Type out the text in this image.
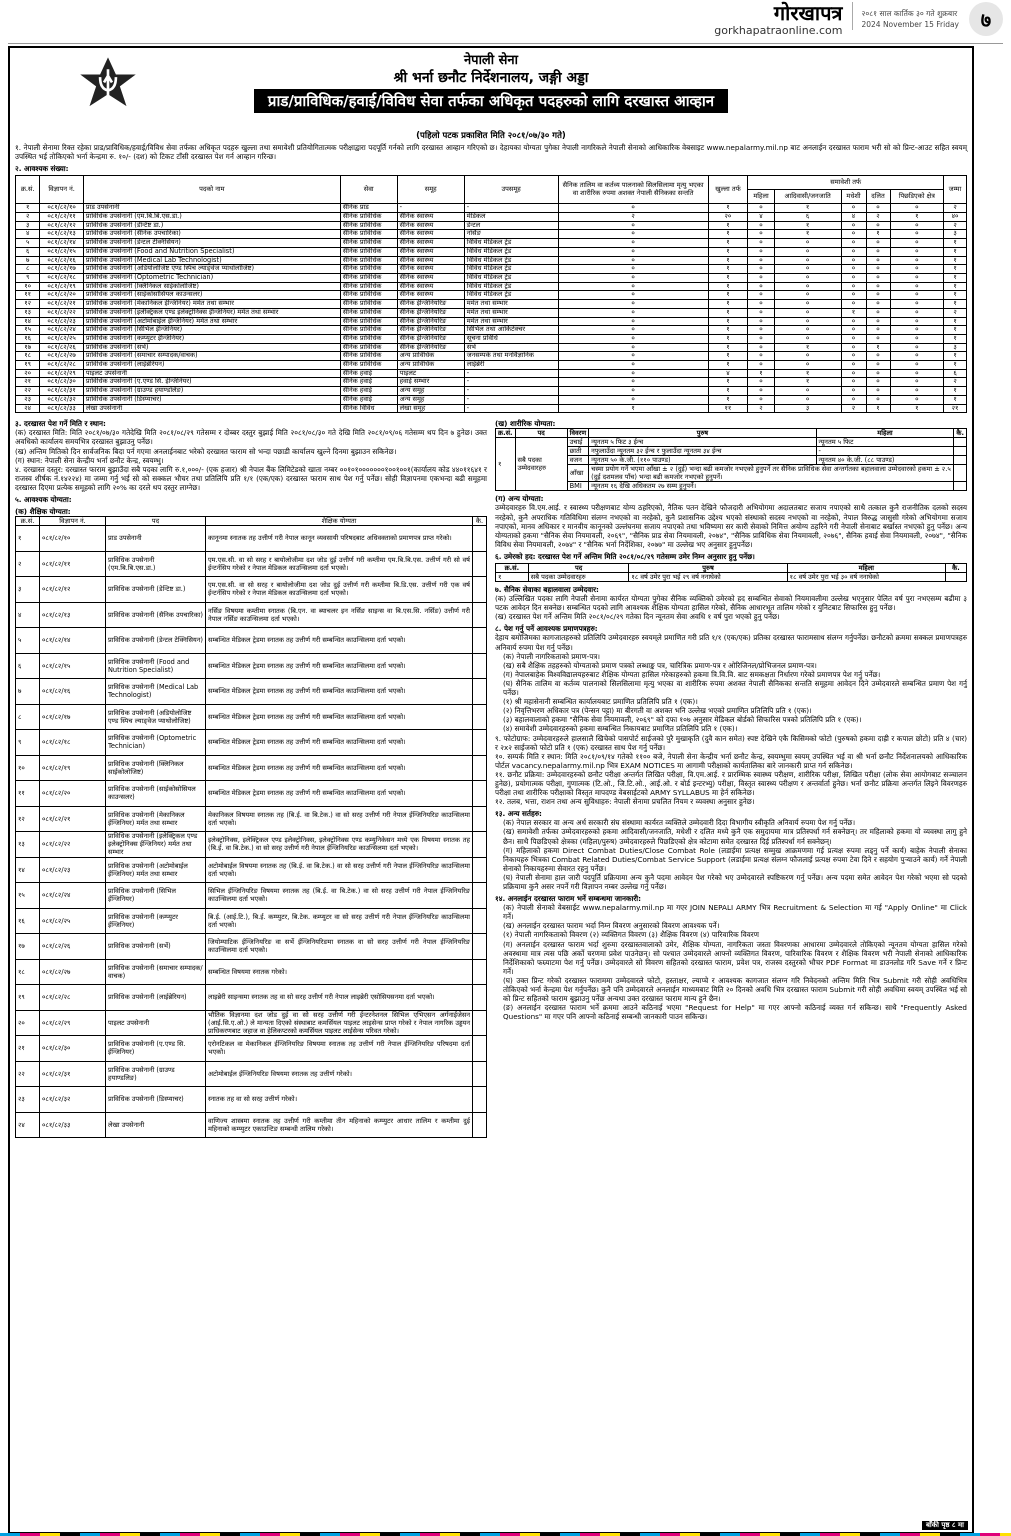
गोरखापत्र
gorkhapatraonline.com
२०८१ साल कार्तिक ३० गते शुक्रबार
2024 November 15 Friday	७
नेपाली सेना
श्री भर्ना छनौट निर्देशनालय, जङ्गी अड्डा
प्राड/प्राविधिक/हवाई/विविध सेवा तर्फका अधिकृत पदहरुको लागि दरखास्त आव्हान
(पहिलो पटक प्रकाशित मिति २०८१/०७/३० गते)

१. नेपाली सेनामा रिक्त रहेका प्राड/प्राविधिक/हवाई/विविध सेवा तर्फका अधिकृत पदहरु खुल्ला तथा समावेशी प्रतियोगितात्मक परीक्षाद्वारा पदपूर्ति गर्नको लागि दरखास्त आव्हान गरिएको छ। देहायका योग्यता पुगेका नेपाली नागरिकले नेपाली सेनाको आधिकारिक वेबसाइट www.nepalarmy.mil.np बाट अनलाईन दरखास्त फाराम भरी सो को प्रिन्ट-आउट सहित स्वयम् उपस्थित भई तोकिएको भर्ना केन्द्रमा रु. १०/- (दश) को टिकट टाँसी दरखास्त पेश गर्न आव्हान गरिन्छ।

२. आवश्यक संख्या:
क्र.सं.	विज्ञापन नं.	पदको नाम	सेवा	समूह	उपसमूह	सैनिक तालिम वा कर्तव्य पालनाको सिलसिलामा मृत्यु भएका वा शारीरिक रुपमा अशक्त नेपाली सैनिकका सन्तति	खुल्ला तर्फ	समावेशी तर्फ					जम्मा
								महिला	आदिवासी/जनजाति	मधेशी	दलित	पिछडिएको क्षेत्र	
१	०८१/८२/१०	प्राड उपसेनानी	सैनिक प्राड	-	-	०	१	०	१	०	०	०	२
२	०८१/८२/११	प्राविधिक उपसेनानी (एम.बि.बि.एस.डा.)	सैनिक प्राविधिक	सैनिक स्वास्थ्य	मेडिकल	२	२०	४	६	४	२	१	४०
३	०८१/८२/१२	प्राविधिक उपसेनानी (डेन्टिष्ट डा.)	सैनिक प्राविधिक	सैनिक स्वास्थ्य	डेन्टल	०	१	०	१	०	०	०	२
४	०८१/८२/१३	प्राविधिक उपसेनानी (सैनिक उपचारिका)	सैनिक प्राविधिक	सैनिक स्वास्थ्य	नर्सिङ	०	१	०	१	०	१	०	३
५	०८१/८२/१४	प्राविधिक उपसेनानी (डेन्टल टेक्निसियन)	सैनिक प्राविधिक	सैनिक स्वास्थ्य	विविध मेडिकल ट्रेड	०	१	०	०	०	०	०	१
६	०८१/८२/१५	प्राविधिक उपसेनानी (Food and Nutrition Specialist)	सैनिक प्राविधिक	सैनिक स्वास्थ्य	विविध मेडिकल ट्रेड	०	१	०	०	०	०	०	१
७	०८१/८२/१६	प्राविधिक उपसेनानी (Medical Lab Technologist)	सैनिक प्राविधिक	सैनिक स्वास्थ्य	विविध मेडिकल ट्रेड	०	१	०	०	०	०	०	१
८	०८१/८२/१७	प्राविधिक उपसेनानी (अडियोलोजिष्ट एण्ड स्पिच ल्याङ्वेज प्याथोलोजिष्ट)	सैनिक प्राविधिक	सैनिक स्वास्थ्य	विविध मेडिकल ट्रेड	०	१	०	०	०	०	०	१
९	०८१/८२/१८	प्राविधिक उपसेनानी (Optometric Technician)	सैनिक प्राविधिक	सैनिक स्वास्थ्य	विविध मेडिकल ट्रेड	०	१	०	०	०	०	०	१
१०	०८१/८२/१९	प्राविधिक उपसेनानी (क्लिनिकल साईकोलोजिष्ट)	सैनिक प्राविधिक	सैनिक स्वास्थ्य	विविध मेडिकल ट्रेड	०	१	०	०	०	०	०	१
११	०८१/८२/२०	प्राविधिक उपसेनानी (साईकोसोसियल काउन्सलर)	सैनिक प्राविधिक	सैनिक स्वास्थ्य	विविध मेडिकल ट्रेड	०	१	०	०	०	०	०	१
१२	०८१/८२/२१	प्राविधिक उपसेनानी (मेकानिकल ईन्जिनियर) मर्मत तथा सम्भार	सैनिक प्राविधिक	सैनिक ईन्जिनियरिङ	मर्मत तथा सम्भार	०	१	०	०	०	०	०	१
१३	०८१/८२/२२	प्राविधिक उपसेनानी (इलेक्ट्रिकल एण्ड इलेक्ट्रोनिक्स ईन्जिनियर) मर्मत तथा सम्भार	सैनिक प्राविधिक	सैनिक ईन्जिनियरिङ	मर्मत तथा सम्भार	०	१	०	०	१	०	०	२
१४	०८१/८२/२३	प्राविधिक उपसेनानी (अटोमोबाईल ईन्जिनियर) मर्मत तथा सम्भार	सैनिक प्राविधिक	सैनिक ईन्जिनियरिङ	मर्मत तथा सम्भार	०	१	०	०	०	०	०	१
१५	०८१/८२/२४	प्राविधिक उपसेनानी (सिभिल ईन्जिनियर)	सैनिक प्राविधिक	सैनिक ईन्जिनियरिङ	सिभिल तथा आर्किटेक्चर	०	१	०	०	०	०	०	१
१६	०८१/८२/२५	प्राविधिक उपसेनानी (कम्प्युटर ईन्जिनियर)	सैनिक प्राविधिक	सैनिक ईन्जिनियरिङ	सूचना प्रविधि	०	१	०	०	०	०	०	१
१७	०८१/८२/२६	प्राविधिक उपसेनानी (सर्भे)	सैनिक प्राविधिक	सैनिक ईन्जिनियरिङ	सर्भे	०	१	०	१	०	१	०	३
१८	०८१/८२/२७	प्राविधिक उपसेनानी (समाचार सम्पादक/वाचक)	सैनिक प्राविधिक	अन्य प्राविधिक	जनसम्पर्क तथा मनोवैज्ञानिक	०	१	०	०	०	०	०	१
१९	०८१/८२/२८	प्राविधिक उपसेनानी (लाईब्रेरियन)	सैनिक प्राविधिक	अन्य प्राविधिक	लाईब्रेरी	०	१	०	०	०	०	०	१
२०	०८१/८२/२९	पाइलट उपसेनानी	सैनिक हवाई	पाइलट	-	०	४	१	१	०	०	०	६
२१	०८१/८२/३०	प्राविधिक उपसेनानी (ए.एण्ड सि. ईन्जिनियर)	सैनिक हवाई	हवाई सम्भार	-	०	१	०	१	०	०	०	२
२२	०८१/८२/३१	प्राविधिक उपसेनानी (ग्राउण्ड हयाण्डलिङ)	सैनिक हवाई	अन्य समूह	-	०	१	०	०	०	०	०	१
२३	०८१/८२/३२	प्राविधिक उपसेनानी (डिस्प्याचर)	सैनिक हवाई	अन्य समूह	-	०	१	०	०	०	०	०	१
२४	०८१/८२/३३	लेखा उपसेनानी	सैनिक विविध	लेखा समूह	-	१	११	२	३	२	१	१	२१
३. दरखास्त पेश गर्ने मिति र स्थान:

(क) दरखास्त मिति: मिति २०८१/०७/३० गतेदेखि मिति २०८१/०८/२९ गतेसम्म र दोब्बर दस्तुर बुझाई मिति २०८१/०८/३० गते देखि मिति २०८१/०९/०६ गतेसम्म थप दिन ७ हुनेछ। उक्त अवधिको कार्यालय समयभित्र दरखास्त बुझाउनु पर्नेछ।

(ख) अन्तिम मितिको दिन सार्वजनिक बिदा पर्न गएमा अनलाईनबाट भरेको दरखास्त फाराम सो भन्दा पछाडी कार्यालय खुल्ने दिनमा बुझाउन सकिनेछ।

(ग) स्थान: नेपाली सेना केन्द्रीय भर्ना छनौट केन्द्र, स्वयम्भु।

४. दरखास्त दस्तुर: दरखास्त फाराम बुझाउँदा सबै पदका लागि रु.१,०००/- (एक हजार) श्री नेपाल बैंक लिमिटेडको खाता नम्बर ००१०१०००००००१००१००१(कार्यालय कोड ४४०११६४१ र राजस्व शीर्षक नं.१४२२४) मा जम्मा गर्नु भई सो को सक्कल भौचर तथा प्रतिलिपि प्रति १/१ (एक/एक) दरखास्त फाराम साथ पेश गर्नु पर्नेछ। सोही विज्ञापनमा एकभन्दा बढी समूहमा दरखास्त दिएमा प्रत्येक समूहको लागि २०% का दरले थप दस्तुर लाग्नेछ।

५. आवश्यक योग्यता:
(क) शैक्षिक योग्यता:
क्र.सं.	विज्ञापन नं.	पद	शैक्षिक योग्यता	कै.
१	०८१/८२/१०	प्राड उपसेनानी	कानूनमा स्नातक तह उत्तीर्ण गरी नेपाल कानून व्यवसायी परिषदबाट अधिवक्ताको प्रमाणपत्र प्राप्त गरेको।	
२	०८१/८२/११	प्राविधिक उपसेनानी (एम.बि.बि.एस.डा.)	एम.एस.सी. वा सो सरह र बायोलोजीमा दश जोड दुई उत्तीर्ण गरी कम्तीमा एम.बि.बि.एस. उत्तीर्ण गरी सो वर्ष ईन्टर्नसिप गरेको र नेपाल मेडिकल काउन्सिलमा दर्ता भएको।	
३	०८१/८२/१२	प्राविधिक उपसेनानी (डेन्टिष्ट डा.)	एम.एस.सी. वा सो सरह र बायोलोजीमा दश जोड दुई उत्तीर्ण गरी कम्तीमा बि.डि.एस. उत्तीर्ण गरी एक वर्ष ईन्टर्नसिप गरेको र नेपाल मेडिकल काउन्सिलमा दर्ता भएको।	
४	०८१/८२/१३	प्राविधिक उपसेनानी (सैनिक उपचारिका)	नर्सिङ विषयमा कम्तीमा स्नातक (बि.एन. वा ब्याचलर इन नर्सिङ साइन्स वा बि.एस.सि. नर्सिङ) उत्तीर्ण गरी नेपाल नर्सिङ काउन्सिलमा दर्ता भएको।	
५	०८१/८२/१४	प्राविधिक उपसेनानी (डेन्टल टेक्निसियन)	सम्बन्धित मेडिकल ट्रेडमा स्नातक तह उत्तीर्ण गरी सम्बन्धित काउन्सिलमा दर्ता भएको।	
६	०८१/८२/१५	प्राविधिक उपसेनानी (Food and Nutrition Specialist)	सम्बन्धित मेडिकल ट्रेडमा स्नातक तह उत्तीर्ण गरी सम्बन्धित काउन्सिलमा दर्ता भएको।	
७	०८१/८२/१६	प्राविधिक उपसेनानी (Medical Lab Technologist)	सम्बन्धित मेडिकल ट्रेडमा स्नातक तह उत्तीर्ण गरी सम्बन्धित काउन्सिलमा दर्ता भएको।	
८	०८१/८२/१७	प्राविधिक उपसेनानी (अडियोलोजिष्ट एण्ड स्पिच ल्याङ्वेज प्याथोलोजिष्ट)	सम्बन्धित मेडिकल ट्रेडमा स्नातक तह उत्तीर्ण गरी सम्बन्धित काउन्सिलमा दर्ता भएको।	
९	०८१/८२/१८	प्राविधिक उपसेनानी (Optometric Technician)	सम्बन्धित मेडिकल ट्रेडमा स्नातक तह उत्तीर्ण गरी सम्बन्धित काउन्सिलमा दर्ता भएको।	
१०	०८१/८२/१९	प्राविधिक उपसेनानी (क्लिनिकल साईकोलोजिष्ट)	सम्बन्धित मेडिकल ट्रेडमा स्नातक तह उत्तीर्ण गरी सम्बन्धित काउन्सिलमा दर्ता भएको।	
११	०८१/८२/२०	प्राविधिक उपसेनानी (साईकोसोसियल काउन्सलर)	सम्बन्धित मेडिकल ट्रेडमा स्नातक तह उत्तीर्ण गरी सम्बन्धित काउन्सिलमा दर्ता भएको।	
१२	०८१/८२/२१	प्राविधिक उपसेनानी (मेकानिकल ईन्जिनियर) मर्मत तथा सम्भार	मेकानिकल विषयमा स्नातक तह (बि.ई. वा बि.टेक.) वा सो सरह उत्तीर्ण गरी नेपाल ईन्जिनियरिङ काउन्सिलमा दर्ता भएको।	
१३	०८१/८२/२२	प्राविधिक उपसेनानी (इलेक्ट्रिकल एण्ड इलेक्ट्रोनिक्स ईन्जिनियर) मर्मत तथा सम्भार	इलेक्ट्रोनिक्स, इलेक्ट्रिकल एण्ड इलेक्ट्रोनिक्स, इलेक्ट्रोनिक्स एण्ड कम्युनिकेसन मध्ये एक विषयमा स्नातक तह (बि.ई. वा बि.टेक.) वा सो सरह उत्तीर्ण गरी नेपाल ईन्जिनियरिङ काउन्सिलमा दर्ता भएको।	
१४	०८१/८२/२३	प्राविधिक उपसेनानी (अटोमोबाईल ईन्जिनियर) मर्मत तथा सम्भार	अटोमोबाईल विषयमा स्नातक तह (बि.ई. वा बि.टेक.) वा सो सरह उत्तीर्ण गरी नेपाल ईन्जिनियरिङ काउन्सिलमा दर्ता भएको।	
१५	०८१/८२/२४	प्राविधिक उपसेनानी (सिभिल ईन्जिनियर)	सिभिल ईन्जिनियरिङ विषयमा स्नातक तह (बि.ई. वा बि.टेक.) वा सो सरह उत्तीर्ण गरी नेपाल ईन्जिनियरिङ काउन्सिलमा दर्ता भएको।	
१६	०८१/८२/२५	प्राविधिक उपसेनानी (कम्प्युटर ईन्जिनियर)	बि.ई. (आई.टि.), बि.ई. कम्प्युटर, बि.टेक. कम्प्युटर वा सो सरह उत्तीर्ण गरी नेपाल ईन्जिनियरिङ काउन्सिलमा दर्ता भएको।	
१७	०८१/८२/२६	प्राविधिक उपसेनानी (सर्भे)	जियोम्याटिक ईन्जिनियरिङ वा सर्भे ईन्जिनियरिङमा स्नातक वा सो सरह उत्तीर्ण गरी नेपाल ईन्जिनियरिङ काउन्सिलमा दर्ता भएको।	
१८	०८१/८२/२७	प्राविधिक उपसेनानी (समाचार सम्पादक/वाचक)	सम्बन्धित विषयमा स्नातक गरेको।	
१९	०८१/८२/२८	प्राविधिक उपसेनानी (लाईब्रेरियन)	लाइब्रेरी साइन्समा स्नातक तह वा सो सरह उत्तीर्ण गरी नेपाल लाइब्रेरी एसोसियसनमा दर्ता भएको।	
२०	०८१/८२/२९	पाइलट उपसेनानी	भौतिक विज्ञानमा दश जोड दुई वा सो सरह उत्तीर्ण गरी ईन्टरनेशनल सिभिल एभिएसन अर्गनाईजेसन (आई.सि.ए.ओ.) ले मान्यता दिएको संस्थाबाट कमर्सियल पाइलट लाइसेन्स प्राप्त गरेको र नेपाल नागरिक उड्डयन प्राधिकरणबाट जहाज वा हेलिकप्टरको कमर्सियल पाइलट लाईसेन्स परिवत गरेको।	
२१	०८१/८२/३०	प्राविधिक उपसेनानी (ए.एण्ड सि. ईन्जिनियर)	एरोनटिकल वा मेकानिकल ईन्जिनियरिङ विषयमा स्नातक तह उत्तीर्ण गरी नेपाल ईन्जिनियरिङ परिषदमा दर्ता भएको।	
२२	०८१/८२/३१	प्राविधिक उपसेनानी (ग्राउण्ड हयाण्डलिङ)	अटोमोबाईल ईन्जिनियरिङ विषयमा स्नातक तह उत्तीर्ण गरेको।	
२३	०८१/८२/३२	प्राविधिक उपसेनानी (डिस्प्याचर)	स्नातक तह वा सो सरह उत्तीर्ण गरेको।	
२४	०८१/८२/३३	लेखा उपसेनानी	वाणिज्य शास्त्रमा स्नातक तह उत्तीर्ण गरी कम्तीमा तीन महिनाको कम्प्युटर आधार तालिम र कम्तीमा दुई महिनाको कम्प्युटर एकाउन्टिङ सम्बन्धी तालिम गरेको।	
(ख) शारीरिक योग्यता:
क्र.सं.	पद	विवरण	पुरुष	महिला	कै.
१	सबै पदका उम्मेदवारहरु	उचाई	न्यूनतम ५ फिट ३ ईन्च	न्यूनतम ५ फिट	
		छाती	नफुलाउँदा न्यूनतम ३२ ईन्च र फुलाउँदा न्यूनतम ३४ ईन्च	-	
		वजन	न्यूनतम ५० के.जी. (११० पाउण्ड)	न्यूनतम ४० के.जी. (८८ पाउण्ड)	
		आँखा	चस्मा प्रयोग गर्ने भएमा आँखा ± २ (दुई) भन्दा बढी कमजोर नभएको हुनुपर्ने तर सैनिक प्राविधिक सेवा अन्तर्गतका बहालवाला उम्मेदवारको हकमा ± २.५ (दुई दशमलव पाँच) भन्दा बढी कमजोर नभएको हुनुपर्ने।		
		BMI	न्यूनतम १६ देखि अधिकतम २७ सम्म हुनुपर्ने।		
(ग) अन्य योग्यता:

उम्मेदवारहरु वि.एम.आई. र स्वास्थ्य परीक्षणबाट योग्य ठहरिएको, नैतिक पतन देखिने फौजदारी अभियोगमा अदालतबाट सजाय नपाएको साथै तत्काल कुनै राजनीतिक दलको सदस्य नरहेको, कुनै अपराधिक गतिविधिमा संलग्न नभएको वा नरहेको, कुनै प्रशासनिक उद्देश्य भएको संस्थाको सदस्य नभएको वा नरहेको, नेपाल विरुद्ध जासुसी गरेको अभियोगमा सजाय नपाएको, मानव अधिकार र मानवीय कानूनको उल्लंघनमा सजाय नपाएको तथा भविष्यमा सर कारी सेवाको निमित्त अयोग्य ठहरिने गरी नेपाली सेनाबाट बर्खास्त नभएको हुनु पर्नेछ। अन्य योग्यताको हकमा "सैनिक सेवा नियमावली, २०६९", "सैनिक प्राड सेवा नियमावली, २०७४", "सैनिक प्राविधिक सेवा नियमावली, २०७६", सैनिक हवाई सेवा नियमावली, २०७४", "सैनिक विविध सेवा नियमावली, २०७४" र "सैनिक भर्ना निर्देशिका, २०७७" मा उल्लेख भए अनुसार हुनुपर्नेछ।

६. उमेरको हद: दरखास्त पेश गर्ने अन्तिम मिति २०८१/०८/२९ गतेसम्म उमेर निम्न अनुसार हुनु पर्नेछ।
क्र.सं.	पद	पुरुष	महिला	कै.
१	सबै पदका उम्मेदवारहरु	१८ वर्ष उमेर पुरा भई २९ वर्ष ननाघेको	१८ वर्ष उमेर पुरा भई ३० वर्ष ननाघेको	
७. सैनिक सेवाका बहालवाला उम्मेदवार:

(क) उल्लिखित पदका लागि नेपाली सेनामा कार्यरत योग्यता पुगेका सैनिक व्यक्तिको उमेरको हद सम्बन्धित सेवाको नियमावलीमा उल्लेख भएनुसार पेलित वर्ष पुरा नभएसम्म बढीमा ३ पटक आवेदन दिन सक्नेछ। सम्बन्धित पदको लागि आवश्यक शैक्षिक योग्यता हासिल गरेको, सैनिक आधारभूत तालिम गरेको र युनिटबाट सिफारिस हुनु पर्नेछ।

(ख) दरखास्त पेश गर्ने अन्तिम मिति २०८१/०८/२९ गतेका दिन न्यूनतम सेवा अवधि १ वर्ष पुरा भएको हुनु पर्नेछ।

८. पेश गर्नु पर्ने आवश्यक प्रमाणपत्रहरु:

देहाय बमोजिमका कागजातहरुको प्रतिलिपि उम्मेदवारहरु स्वयम्‌ले प्रमाणित गरी प्रति १/१ (एक/एक) प्रतिका दरखास्त फारामसाथ संलग्न गर्नुपर्नेछ। छनौटको क्रममा सक्कल प्रमाणपत्रहरु अनिवार्य रुपमा पेश गर्नु पर्नेछ।

(क) नेपाली नागरिकताको प्रमाण-पत्र।

(ख) सबै शैक्षिक तहहरुको योग्यताको प्रमाण पत्रको लब्धाङ्क पत्र, चारित्रिक प्रमाण-पत्र र ओरिजिनल/प्रोभिजनल प्रमाण-पत्र।

(ग) नेपालबाहेक विश्वविद्यालयहरुबाट शैक्षिक योग्यता हासिल गरेकाहरुको हकमा त्रि.वि.वि. बाट समकक्षता निर्धारण गरेको प्रमाणपत्र पेश गर्नु पर्नेछ।

(घ) सैनिक तालिम वा कर्तव्य पालनाको सिलसिलामा मृत्यु भएका वा शारीरिक रुपमा अशक्त नेपाली सैनिकका सन्तति समूहमा आवेदन दिने उम्मेदवारले सम्बन्धित प्रमाण पेश गर्नु पर्नेछ।

(१) श्री महासेनानी सम्बन्धित कार्यालयबाट प्रमाणित प्रतिलिपि प्रति १ (एक)।

(२) निवृत्तिभरण अधिकार पत्र (पेन्सन पट्टा) मा बीरगती वा अशक्त भनि उल्लेख भएको प्रमाणित प्रतिलिपि प्रति १ (एक)।

(३) बहालवालाको हकमा "सैनिक सेवा नियमावली, २०६९" को दफा १०७ अनुसार मेडिकल बोर्डको सिफारिस पत्रको प्रतिलिपि प्रति १ (एक)।

(४) समावेशी उम्मेदवारहरुको हकमा सम्बन्धित निकायबाट प्रमाणित प्रतिलिपि प्रति १ (एक)।

९. फोटोग्राफ: उम्मेदवारहरुले हालसालै खिचेको पासपोर्ट साईजको पुरै मुखाकृति (दुवै कान समेत) स्पष्ट देखिने एकै किसिमको फोटो (पुरुषको हकमा दाह्री र कपाल छोटो) प्रति ४ (चार) र २x२ साईजको फोटो प्रति १ (एक) दरखास्त साथ पेश गर्नु पर्नेछ।

१०. सम्पर्क मिति र स्थान: मिति २०८१/०९/१४ गतेको ११०० बजे, नेपाली सेना केन्द्रीय भर्ना छनौट केन्द्र, स्वयम्भुमा स्वयम् उपस्थित भई वा श्री भर्ना छनौट निर्देशनालयको आधिकारिक पोर्टल vacancy.nepalarmy.mil.np भित्र EXAM NOTICES मा आगामी परीक्षाको कार्यतालिका बारे जानकारी प्राप्त गर्न सकिनेछ।

११. छनौट प्रक्रिया: उम्मेदवारहरुको छनौट परीक्षा अन्तर्गत लिखित परीक्षा, वि.एम.आई. र प्रारम्भिक स्वास्थ्य परीक्षण, शारीरिक परीक्षा, लिखित परीक्षा (लोक सेवा आयोगबाट सञ्चालन हुनेछ), प्रयोगात्मक परीक्षा, गुणात्मक (टि.ओ., जि.टि.ओ., आई.ओ. र बोर्ड इन्टरभ्यु) परीक्षा, विस्तृत स्वास्थ्य परीक्षण र अन्तर्वार्ता हुनेछ। भर्ना छनौट प्रक्रिया अन्तर्गत लिइने विवरणहरु परीक्षा तथा शारीरिक परीक्षाको विस्तृत मापदण्ड वेबसाईटको ARMY SYLLABUS मा हेर्न सकिनेछ।

१२. तलब, भत्ता, राशन तथा अन्य सुविधाहरु: नेपाली सेनामा प्रचलित नियम र व्यवस्था अनुसार हुनेछ।

१३. अन्य सर्तहरु:

(क) नेपाल सरकार वा अन्य अर्ध सरकारी संघ संस्थामा कार्यरत व्यक्तिले उम्मेदवारी दिदा विभागीय स्वीकृति अनिवार्य रुपमा पेश गर्नु पर्नेछ।

(ख) समावेशी तर्फका उम्मेदवारहरुको हकमा आदिवासी/जनजाति, मधेशी र दलित मध्ये कुनै एक समुदायमा मात्र प्रतिस्पर्धा गर्न सक्नेछन्। तर महिलाको हकमा यो व्यवस्था लागु हुने छैन। साथै पिछडिएको क्षेत्रका (महिला/पुरुष) उम्मेदवारहरुले पिछडिएको क्षेत्र कोटामा समेत दरखास्त दिई प्रतिस्पर्धा गर्न सक्नेछन्।

(ग) महिलाको हकमा Direct Combat Duties/Close Combat Role (लडाईमा प्रत्यक्ष सम्मुख आक्रमणमा गई प्रत्यक्ष रुपमा लड्नु पर्ने कार्य) बाहेक नेपाली सेनाका निकायहरु भित्रका Combat Related Duties/Combat Service Support (लडाईमा प्रत्यक्ष संलग्न फौजलाई प्रत्यक्ष रुपमा टेवा दिने र सहयोग पुऱ्याउने कार्य) गर्ने नेपाली सेनाको निकायहरुमा सेवारत रहनु पर्नेछ।

(घ) नेपाली सेनामा हाल जारी पदपूर्ति प्रक्रियामा अन्य कुनै पदमा आवेदन पेश गरेको भए उम्मेदवारले स्पष्टिकरण गर्नु पर्नेछ। अन्य पदमा समेत आवेदन पेश गरेको भएमा सो पदको प्रक्रियामा कुनै असर नपर्ने गरी विज्ञापन नम्बर उल्लेख गर्नु पर्नेछ।

१४. अनलाईन दरखास्त फाराम भर्ने सम्बन्धमा जानकारी:

(क) नेपाली सेनाको वेबसाईट www.nepalarmy.mil.np मा गएर JOIN NEPALI ARMY भित्र Recruitment & Selection मा गई "Apply Online" मा Click गर्ने।

(ख) अनलाईन दरखास्त फाराम भर्दा निम्न विवरण अनुसारको विवरण आवश्यक पर्ने।

(१) नेपाली नागरिकताको विवरण (२) व्यक्तिगत विवरण (३) शैक्षिक विवरण (४) पारिवारिक विवरण

(ग) अनलाईन दरखास्त फाराम भर्दा शुरुमा दरखास्तवालाको उमेर, शैक्षिक योग्यता, नागरिकता जस्ता विवरणका आधारमा उम्मेदवारले तोकिएको न्यूनतम योग्यता हासिल गरेको अवस्थामा मात्र त्यस पछि अर्को चरणमा प्रवेश पाउनेछन्। सो पश्चात उम्मेदवारले आफ्नो व्यक्तिगत विवरण, पारिवारिक विवरण र शैक्षिक विवरण भरी नेपाली सेनाको आधिकारिक निर्देशिकाको फम्र्याटमा पेश गर्नु पर्नेछ। उम्मेदवारले सो विवरण सहितको दरखास्त फाराम, प्रवेश पत्र, राजस्व दस्तुरको भौचर PDF Format मा डाउनलोड गरि Save गर्ने र प्रिन्ट गर्ने।

(घ) उक्त प्रिन्ट गरेको दरखास्त फाराममा उम्मेदवारले फोटो, हस्ताक्षर, ल्याप्चे र आवश्यक कागजात संलग्न गरि निवेदनको अन्तिम मिति भित्र Submit गरी सोही अवधिभित्र तोकिएको भर्ना केन्द्रमा पेश गर्नुपर्नेछ। कुनै पनि उम्मेदवारले अनलाईन माध्यमबाट मिति २० दिनको अवधि भित्र दरखास्त फाराम Submit गरी सोही अवधिमा स्वयम् उपस्थित भई सो को प्रिन्ट सहितको फाराम बुझाउनु पर्नेछ अन्यथा उक्त दरखास्त फाराम मान्य हुने छैन।

(ङ) अनलाईन दरखास्त फाराम भर्ने क्रममा आउने कठिनाई भएमा "Request for Help" मा गएर आफ्नो कठिनाई व्यक्त गर्न सकिन्छ। साथै "Frequently Asked Questions" मा गएर पनि आफ्नो कठिनाई सम्बन्धी जानकारी पाउन सकिन्छ।

बाँकी पृष्ठ ८ मा
